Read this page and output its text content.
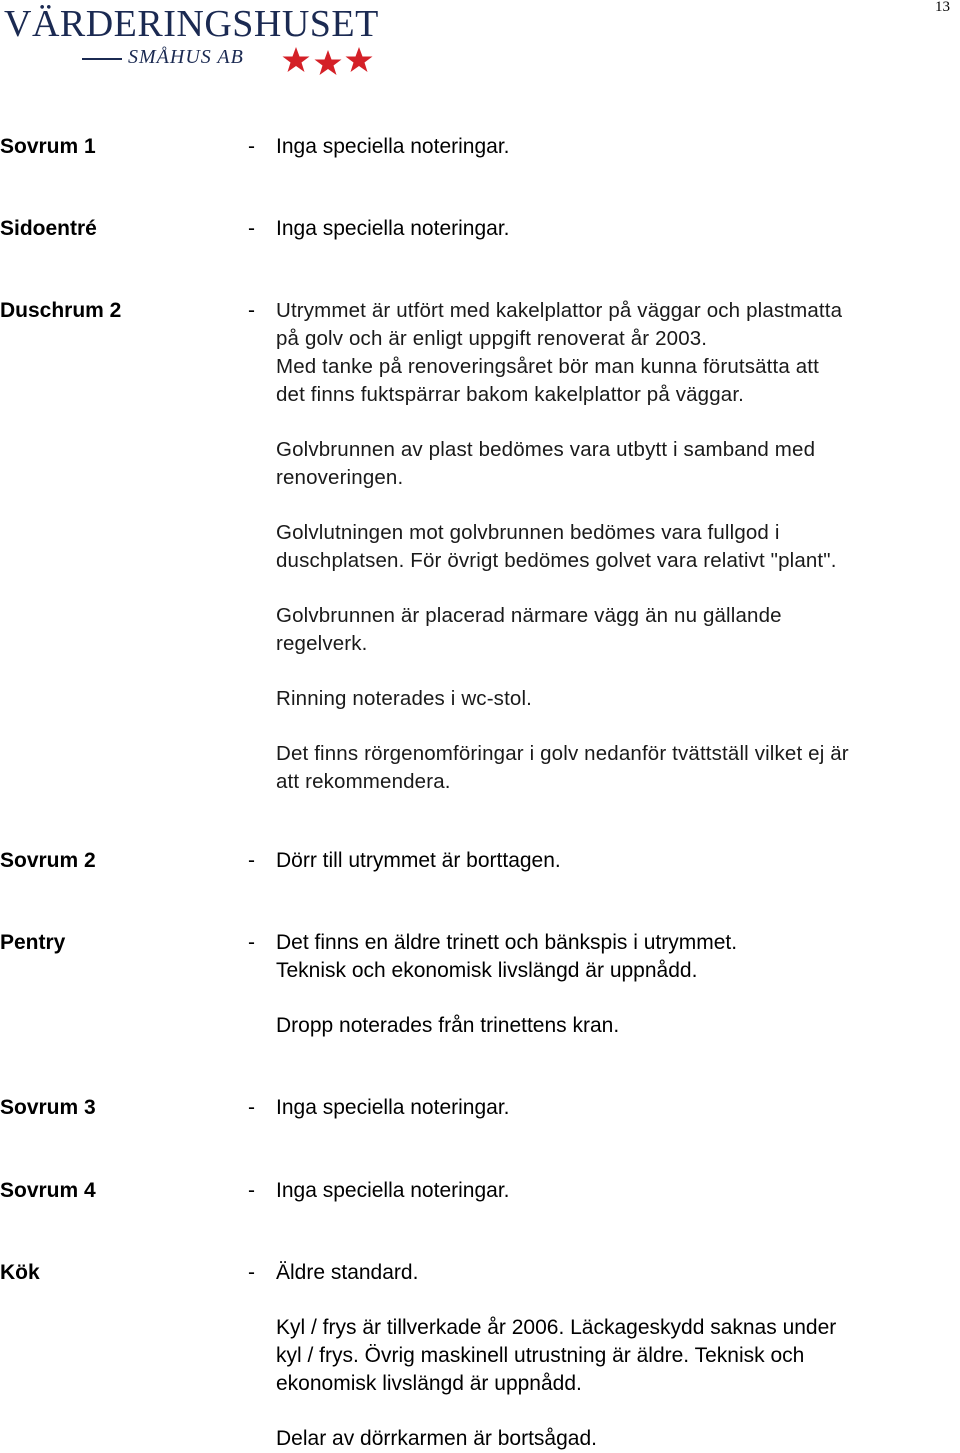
13
VÄRDERINGSHUSET
SMÅHUS AB
Sovrum 1	- Inga speciella noteringar.

Sidoentré	- Inga speciella noteringar.

Duschrum 2	- Utrymmet är utfört med kakelplattor på väggar och plastmatta
på golv och är enligt uppgift renoverat år 2003.
Med tanke på renoveringsåret bör man kunna förutsätta att
det finns fuktspärrar bakom kakelplattor på väggar.

Golvbrunnen av plast bedömes vara utbytt i samband med
renoveringen.

Golvlutningen mot golvbrunnen bedömes vara fullgod i
duschplatsen. För övrigt bedömes golvet vara relativt "plant".

Golvbrunnen är placerad närmare vägg än nu gällande
regelverk.

Rinning noterades i wc-stol.

Det finns rörgenomföringar i golv nedanför tvättställ vilket ej är
att rekommendera.

Sovrum 2	- Dörr till utrymmet är borttagen.

Pentry	- Det finns en äldre trinett och bänkspis i utrymmet.
Teknisk och ekonomisk livslängd är uppnådd.

Dropp noterades från trinettens kran.

Sovrum 3	- Inga speciella noteringar.

Sovrum 4	- Inga speciella noteringar.

Kök	- Äldre standard.

Kyl / frys är tillverkade år 2006. Läckageskydd saknas under
kyl / frys. Övrig maskinell utrustning är äldre. Teknisk och
ekonomisk livslängd är uppnådd.

Delar av dörrkarmen är bortsågad.
